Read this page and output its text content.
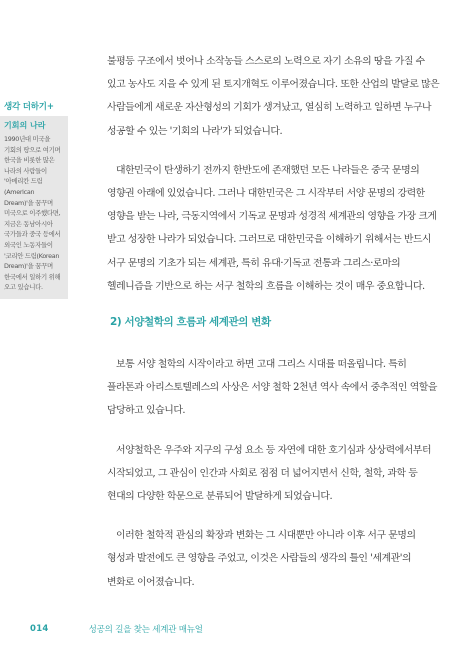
생각 더하기+

기회의 나라

1990년대 미국을 기회의 땅으로 여기며 한국을 비롯한 많은 나라의 사람들이 '아메리칸 드림(American Dream)'을 꿈꾸며 미국으로 이주했다면, 지금은 동남아시아 국가들과 중국 등에서 외국인 노동자들이 '코리안 드림(Korean Dream)'을 꿈꾸며 한국에서 일하기 위해 오고 있습니다.

불평등 구조에서 벗어나 소작농들 스스로의 노력으로 자기 소유의 땅을 가질 수 있고 농사도 지을 수 있게 된 토지개혁도 이루어졌습니다. 또한 산업의 발달로 많은 사람들에게 새로운 자산형성의 기회가 생겨났고, 열심히 노력하고 일하면 누구나 성공할 수 있는 '기회의 나라'가 되었습니다.

대한민국이 탄생하기 전까지 한반도에 존재했던 모든 나라들은 중국 문명의 영향권 아래에 있었습니다. 그러나 대한민국은 그 시작부터 서양 문명의 강력한 영향을 받는 나라, 극동지역에서 기독교 문명과 성경적 세계관의 영향을 가장 크게 받고 성장한 나라가 되었습니다. 그러므로 대한민국을 이해하기 위해서는 반드시 서구 문명의 기초가 되는 세계관, 특히 유대·기독교 전통과 그리스·로마의 헬레니즘을 기반으로 하는 서구 철학의 흐름을 이해하는 것이 매우 중요합니다.

2) 서양철학의 흐름과 세계관의 변화

보통 서양 철학의 시작이라고 하면 고대 그리스 시대를 떠올립니다. 특히 플라톤과 아리스토텔레스의 사상은 서양 철학 2천년 역사 속에서 중추적인 역할을 담당하고 있습니다.

서양철학은 우주와 지구의 구성 요소 등 자연에 대한 호기심과 상상력에서부터 시작되었고, 그 관심이 인간과 사회로 점점 더 넓어지면서 신학, 철학, 과학 등 현대의 다양한 학문으로 분류되어 발달하게 되었습니다.

이러한 철학적 관심의 확장과 변화는 그 시대뿐만 아니라 이후 서구 문명의 형성과 발전에도 큰 영향을 주었고, 이것은 사람들의 생각의 틀인 '세계관'의 변화로 이어졌습니다.

014	성공의 길을 찾는 세계관 매뉴얼
